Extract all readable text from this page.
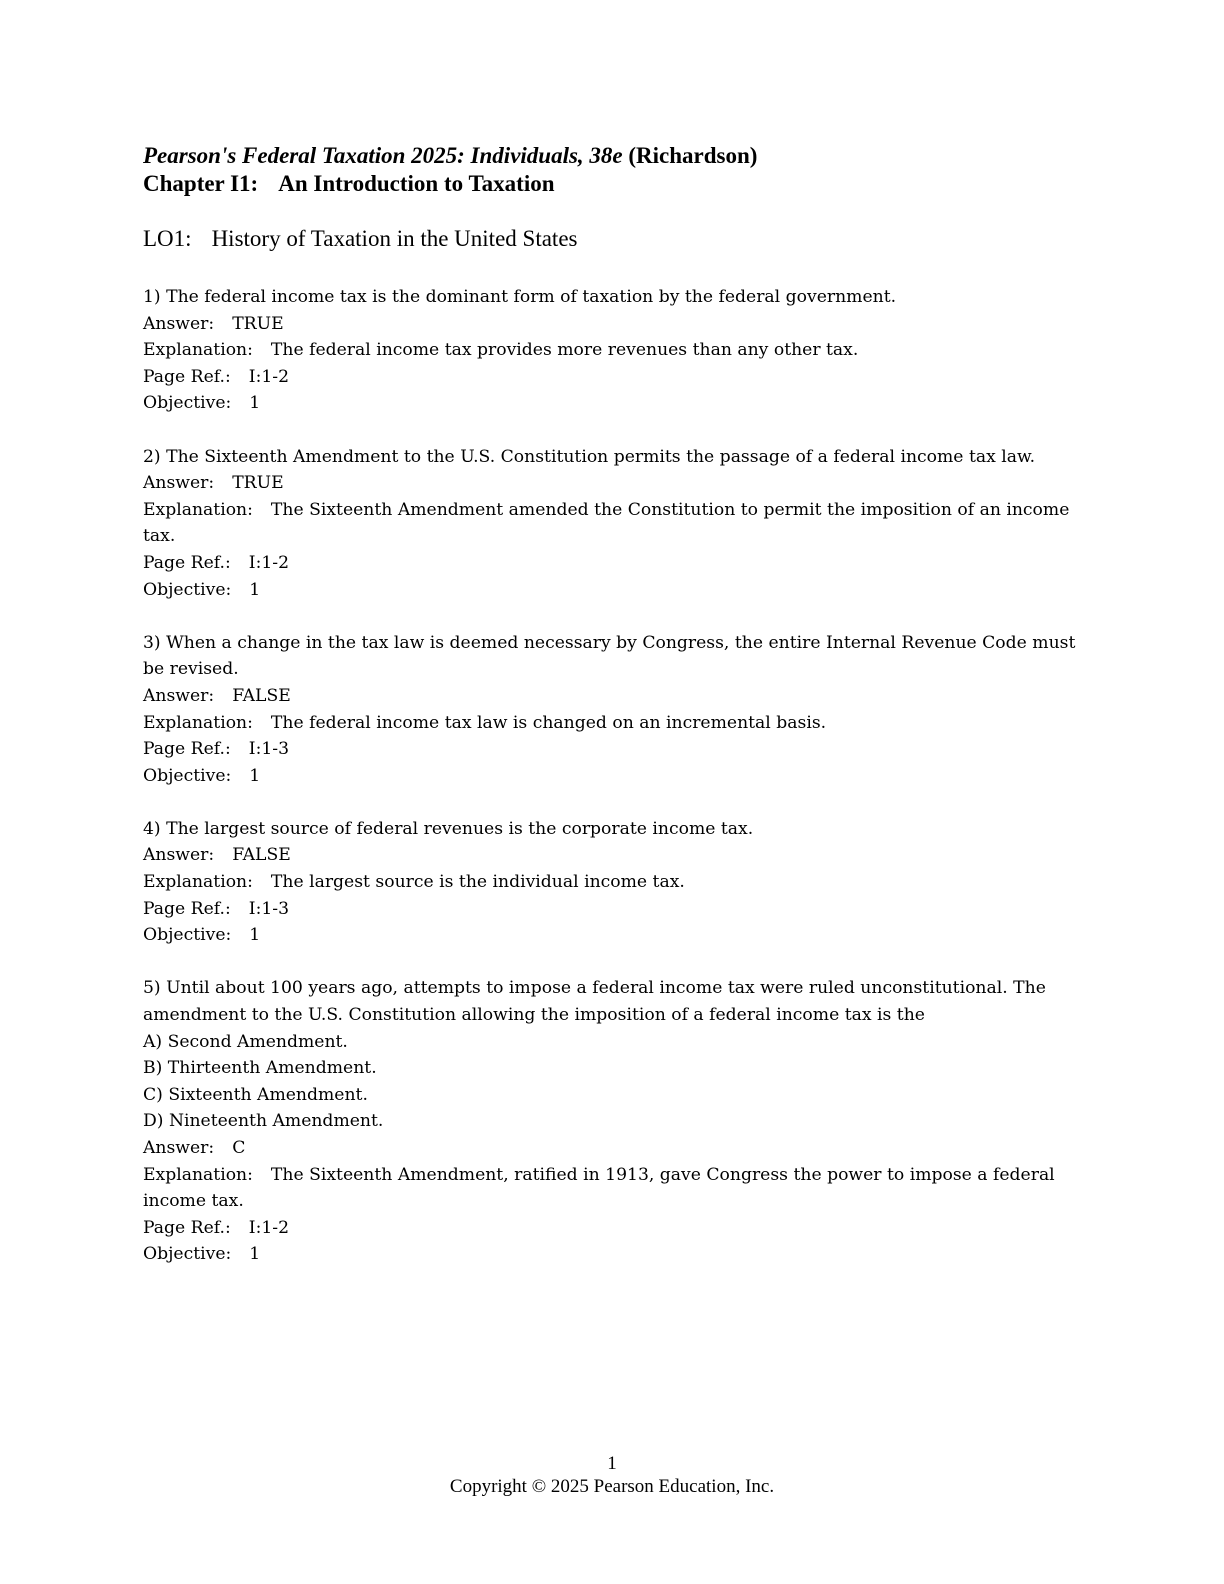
Pearson's Federal Taxation 2025: Individuals, 38e (Richardson)

Chapter I1: An Introduction to Taxation

LO1: History of Taxation in the United States

1) The federal income tax is the dominant form of taxation by the federal government.

Answer: TRUE

Explanation: The federal income tax provides more revenues than any other tax.

Page Ref.: I:1-2

Objective: 1

2) The Sixteenth Amendment to the U.S. Constitution permits the passage of a federal income tax law.

Answer: TRUE

Explanation: The Sixteenth Amendment amended the Constitution to permit the imposition of an income tax.

Page Ref.: I:1-2

Objective: 1

3) When a change in the tax law is deemed necessary by Congress, the entire Internal Revenue Code must be revised.

Answer: FALSE

Explanation: The federal income tax law is changed on an incremental basis.

Page Ref.: I:1-3

Objective: 1

4) The largest source of federal revenues is the corporate income tax.

Answer: FALSE

Explanation: The largest source is the individual income tax.

Page Ref.: I:1-3

Objective: 1

5) Until about 100 years ago, attempts to impose a federal income tax were ruled unconstitutional. The amendment to the U.S. Constitution allowing the imposition of a federal income tax is the

A) Second Amendment.

B) Thirteenth Amendment.

C) Sixteenth Amendment.

D) Nineteenth Amendment.

Answer: C

Explanation: The Sixteenth Amendment, ratified in 1913, gave Congress the power to impose a federal income tax.

Page Ref.: I:1-2

Objective: 1

1
Copyright © 2025 Pearson Education, Inc.
